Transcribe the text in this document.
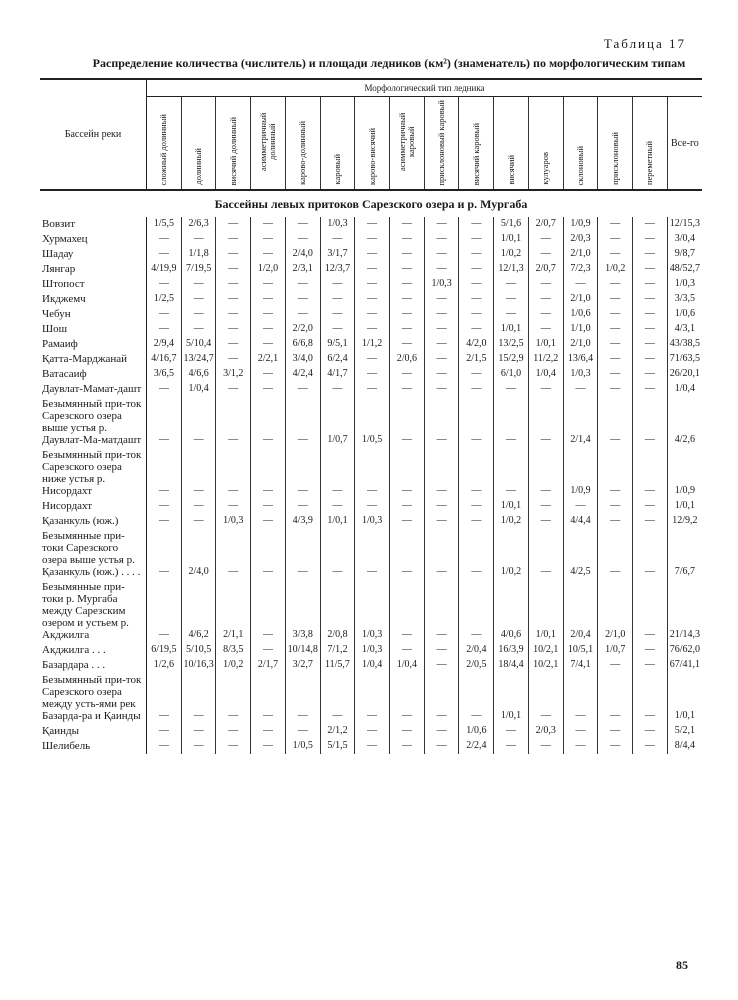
Таблица 17
Распределение количества (числитель) и площади ледников (км²) (знаменатель) по морфологическим типам
Бассейн реки	Морфологический тип ледника															
	сложный долинный	долинный	висячий долинный	асимметричный долинный	карово-долинный	каровый	карово-висячий	асимметричный каровый	присклоновый каровый	висячий каровый	висячий	кулуаров	склоновый	присклоновый	переметный	Все-го
Бассейны левых притоков Сарезского озера и р. Мургаба																
Вовзит	1/5,5	2/6,3	—	—	—	1/0,3	—	—	—	—	5/1,6	2/0,7	1/0,9	—	—	12/15,3
Хурмахец	—	—	—	—	—	—	—	—	—	—	1/0,1	—	2/0,3	—	—	3/0,4
Шадау	—	1/1,8	—	—	2/4,0	3/1,7	—	—	—	—	1/0,2	—	2/1,0	—	—	9/8,7
Лянгар	4/19,9	7/19,5	—	1/2,0	2/3,1	12/3,7	—	—	—	—	12/1,3	2/0,7	7/2,3	1/0,2	—	48/52,7
Штопост	—	—	—	—	—	—	—	—	1/0,3	—	—	—	—	—	—	1/0,3
Икджемч	1/2,5	—	—	—	—	—	—	—	—	—	—	—	2/1,0	—	—	3/3,5
Чебун	—	—	—	—	—	—	—	—	—	—	—	—	1/0,6	—	—	1/0,6
Шош	—	—	—	—	2/2,0	—	—	—	—	—	1/0,1	—	1/1,0	—	—	4/3,1
Рамаиф	2/9,4	5/10,4	—	—	6/6,8	9/5,1	1/1,2	—	—	4/2,0	13/2,5	1/0,1	2/1,0	—	—	43/38,5
Қатта-Марджанай	4/16,7	13/24,7	—	2/2,1	3/4,0	6/2,4	—	2/0,6	—	2/1,5	15/2,9	11/2,2	13/6,4	—	—	71/63,5
Ватасаиф	3/6,5	4/6,6	3/1,2	—	4/2,4	4/1,7	—	—	—	—	6/1,0	1/0,4	1/0,3	—	—	26/20,1
Даувлат-Мамат-дашт	—	1/0,4	—	—	—	—	—	—	—	—	—	—	—	—	—	1/0,4
Безымянный при-ток Сарезского озера выше устья р. Даувлат-Ма-матдашт	—	—	—	—	—	1/0,7	1/0,5	—	—	—	—	—	2/1,4	—	—	4/2,6
Безымянный при-ток Сарезского озера ниже устья р. Нисордахт	—	—	—	—	—	—	—	—	—	—	—	—	1/0,9	—	—	1/0,9
Нисордахт	—	—	—	—	—	—	—	—	—	—	1/0,1	—	—	—	—	1/0,1
Қазанкуль (юж.)	—	—	1/0,3	—	4/3,9	1/0,1	1/0,3	—	—	—	1/0,2	—	4/4,4	—	—	12/9,2
Безымянные при-токи Сарезского озера выше устья р. Қазанкуль (юж.) . . . .	—	2/4,0	—	—	—	—	—	—	—	—	1/0,2	—	4/2,5	—	—	7/6,7
Безымянные при-токи р. Мургаба между Сарезским озером и устьем р. Акджилга	—	4/6,2	2/1,1	—	3/3,8	2/0,8	1/0,3	—	—	—	4/0,6	1/0,1	2/0,4	2/1,0	—	21/14,3
Акджилга . . .	6/19,5	5/10,5	8/3,5	—	10/14,8	7/1,2	1/0,3	—	—	2/0,4	16/3,9	10/2,1	10/5,1	1/0,7	—	76/62,0
Базардара . . .	1/2,6	10/16,3	1/0,2	2/1,7	3/2,7	11/5,7	1/0,4	1/0,4	—	2/0,5	18/4,4	10/2,1	7/4,1	—	—	67/41,1
Безымянный при-ток Сарезского озера между усть-ями рек Базарда-ра и Қаинды	—	—	—	—	—	—	—	—	—	—	1/0,1	—	—	—	—	1/0,1
Қаинды	—	—	—	—	—	2/1,2	—	—	—	1/0,6	—	2/0,3	—	—	—	5/2,1
Шелибель	—	—	—	—	1/0,5	5/1,5	—	—	—	2/2,4	—	—	—	—	—	8/4,4
85
